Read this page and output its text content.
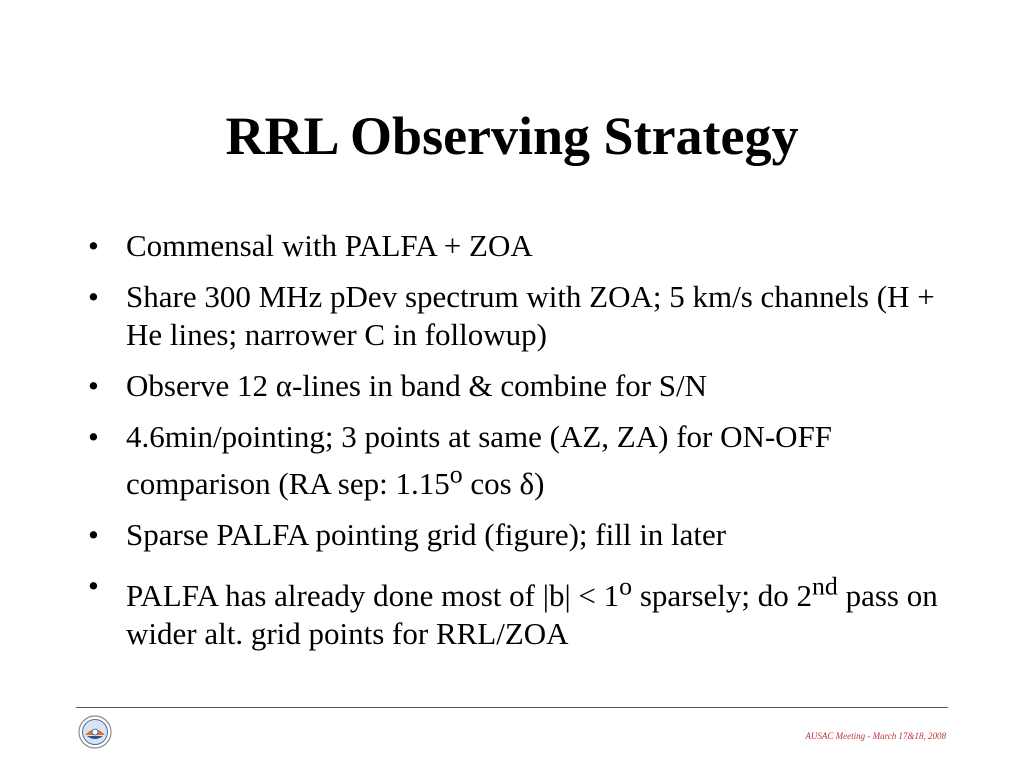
RRL Observing Strategy
• Commensal with PALFA + ZOA
• Share 300 MHz pDev spectrum with ZOA; 5 km/s channels (H + He lines; narrower C in followup)
• Observe 12 α-lines in band & combine for S/N
• 4.6min/pointing; 3 points at same (AZ, ZA) for ON-OFF comparison (RA sep: 1.15$^o$ cos δ)
• Sparse PALFA pointing grid (figure); fill in later
• PALFA has already done most of $|b| < 1^o$ sparsely; do 2nd pass on wider alt. grid points for RRL/ZOA
AUSAC Meeting - March 17&18, 2008
